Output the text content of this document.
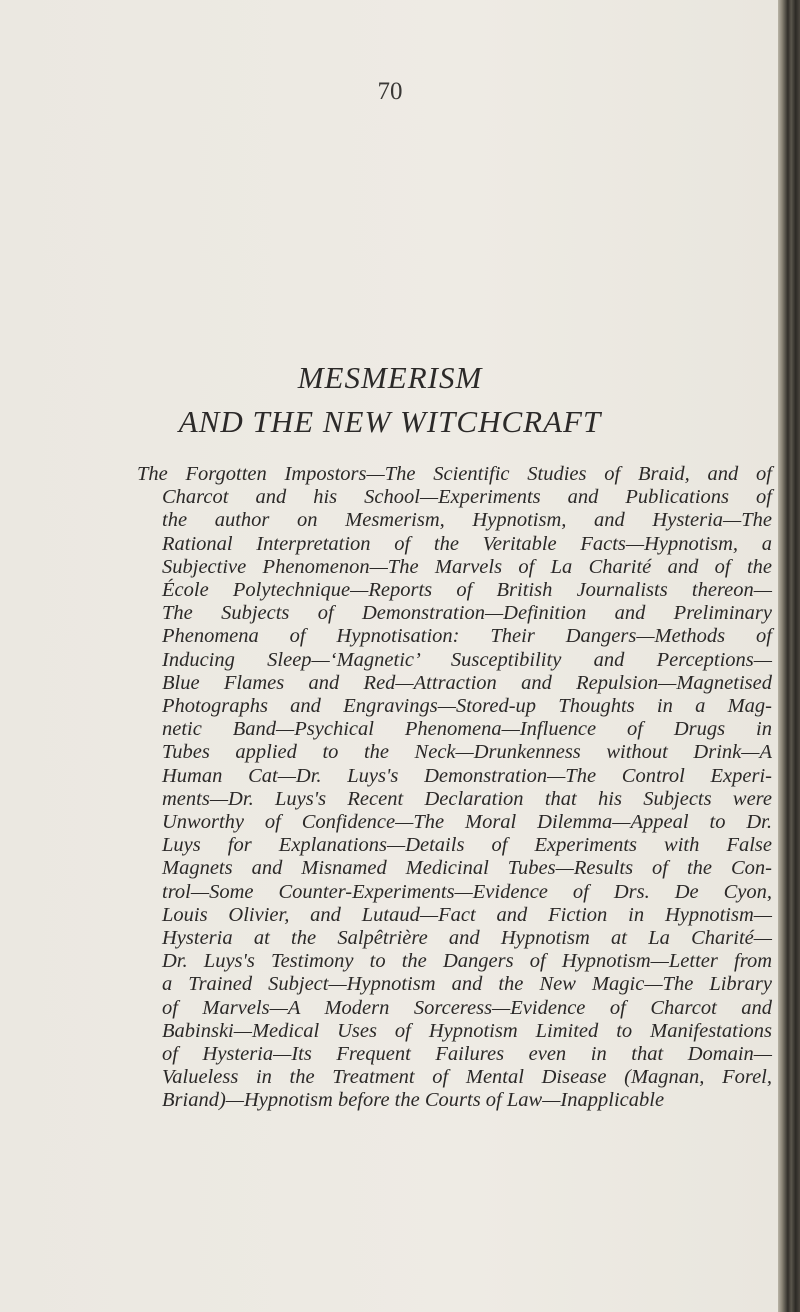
70
MESMERISM
AND THE NEW WITCHCRAFT
The Forgotten Impostors—The Scientific Studies of Braid, and of
Charcot and his School—Experiments and Publications of
the author on Mesmerism, Hypnotism, and Hysteria—The
Rational Interpretation of the Veritable Facts—Hypnotism, a
Subjective Phenomenon—The Marvels of La Charité and of the
École Polytechnique—Reports of British Journalists thereon—
The Subjects of Demonstration—Definition and Preliminary
Phenomena of Hypnotisation: Their Dangers—Methods of
Inducing Sleep—‘Magnetic’ Susceptibility and Perceptions—
Blue Flames and Red—Attraction and Repulsion—Magnetised
Photographs and Engravings—Stored-up Thoughts in a Mag-
netic Band—Psychical Phenomena—Influence of Drugs in
Tubes applied to the Neck—Drunkenness without Drink—A
Human Cat—Dr. Luys's Demonstration—The Control Experi-
ments—Dr. Luys's Recent Declaration that his Subjects were
Unworthy of Confidence—The Moral Dilemma—Appeal to Dr.
Luys for Explanations—Details of Experiments with False
Magnets and Misnamed Medicinal Tubes—Results of the Con-
trol—Some Counter-Experiments—Evidence of Drs. De Cyon,
Louis Olivier, and Lutaud—Fact and Fiction in Hypnotism—
Hysteria at the Salpêtrière and Hypnotism at La Charité—
Dr. Luys's Testimony to the Dangers of Hypnotism—Letter from
a Trained Subject—Hypnotism and the New Magic—The Library
of Marvels—A Modern Sorceress—Evidence of Charcot and
Babinski—Medical Uses of Hypnotism Limited to Manifestations
of Hysteria—Its Frequent Failures even in that Domain—
Valueless in the Treatment of Mental Disease (Magnan, Forel,
Briand)—Hypnotism before the Courts of Law—Inapplicable
